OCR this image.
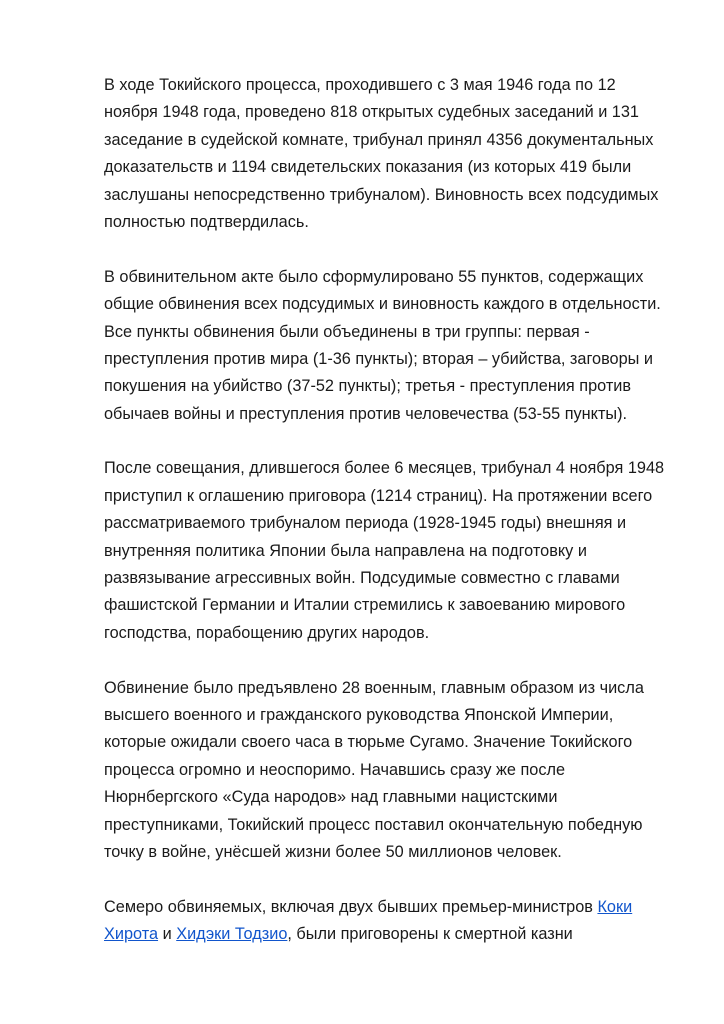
В ходе Токийского процесса, проходившего с 3 мая 1946 года по 12
ноября 1948 года, проведено 818 открытых судебных заседаний и 131
заседание в судейской комнате, трибунал принял 4356 документальных
доказательств и 1194 свидетельских показания (из которых 419 были
заслушаны непосредственно трибуналом). Виновность всех подсудимых
полностью подтвердилась.

В обвинительном акте было сформулировано 55 пунктов, содержащих
общие обвинения всех подсудимых и виновность каждого в отдельности.
Все пункты обвинения были объединены в три группы: первая -
преступления против мира (1-36 пункты); вторая – убийства, заговоры и
покушения на убийство (37-52 пункты); третья - преступления против
обычаев войны и преступления против человечества (53-55 пункты).

После совещания, длившегося более 6 месяцев, трибунал 4 ноября 1948
приступил к оглашению приговора (1214 страниц). На протяжении всего
рассматриваемого трибуналом периода (1928-1945 годы) внешняя и
внутренняя политика Японии была направлена на подготовку и
развязывание агрессивных войн. Подсудимые совместно с главами
фашистской Германии и Италии стремились к завоеванию мирового
господства, порабощению других народов.

Обвинение было предъявлено 28 военным, главным образом из числа
высшего военного и гражданского руководства Японской Империи,
которые ожидали своего часа в тюрьме Сугамо. Значение Токийского
процесса огромно и неоспоримо. Начавшись сразу же после
Нюрнбергского «Суда народов» над главными нацистскими
преступниками, Токийский процесс поставил окончательную победную
точку в войне, унёсшей жизни более 50 миллионов человек.

Семеро обвиняемых, включая двух бывших премьер-министров Коки
Хирота и Хидэки Тодзио, были приговорены к смертной казни
